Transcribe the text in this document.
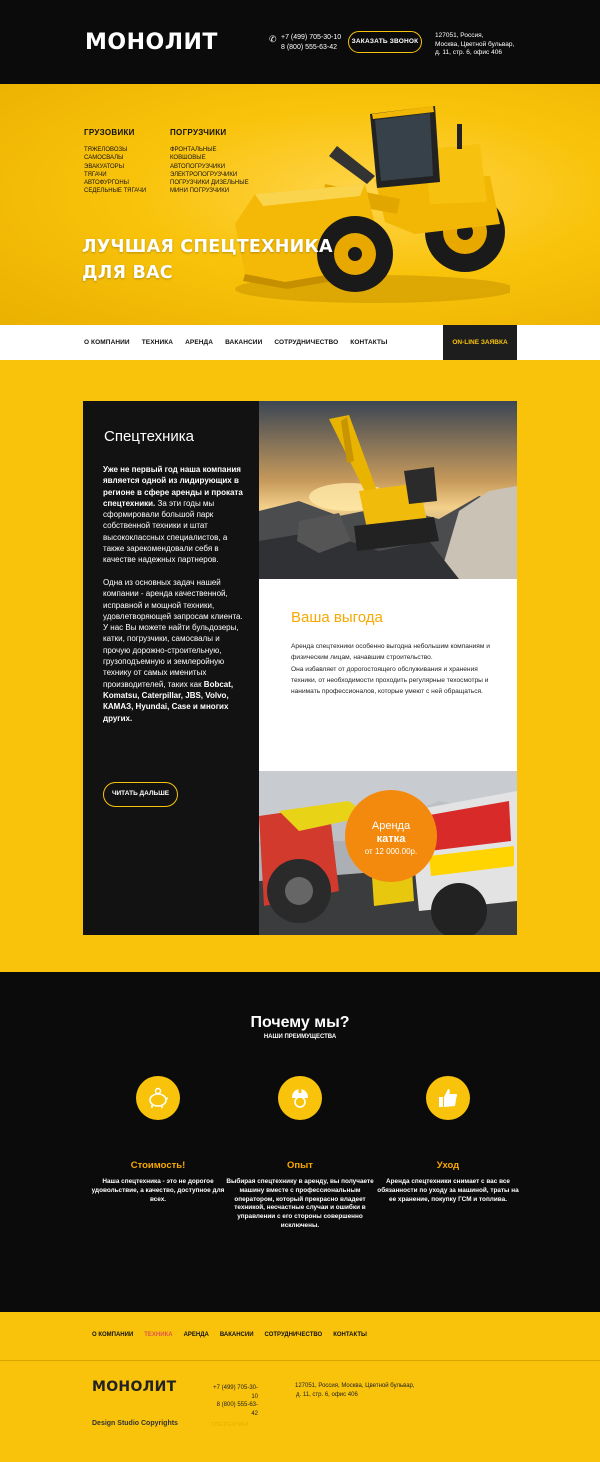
МОНОЛИТ	✆ +7 (499) 705-30-10
8 (800) 555-63-42
ЗАКАЗАТЬ ЗВОНОК
127051, Россия,
Москва, Цветной бульвар,
д. 11, стр. 6, офис 406
ГРУЗОВИКИ
ТЯЖЕЛОВОЗЫ
САМОСВАЛЫ
ЭВАКУАТОРЫ
ТЯГАЧИ
АВТОФУРГОНЫ
СЕДЕЛЬНЫЕ ТЯГАЧИ
ПОГРУЗЧИКИ
ФРОНТАЛЬНЫЕ
КОВШОВЫЕ
АВТОПОГРУЗЧИКИ
ЭЛЕКТРОПОГРУЗЧИКИ
ПОГРУЗЧИКИ ДИЗЕЛЬНЫЕ
МИНИ ПОГРУЗЧИКИ
ЛУЧШАЯ СПЕЦТЕХНИКА
ДЛЯ ВАС
О КОМПАНИИ ТЕХНИКА АРЕНДА ВАКАНСИИ СОТРУДНИЧЕСТВО КОНТАКТЫ	ON-LINE ЗАЯВКА
Спецтехника

Уже не первый год наша компания является одной из лидирующих в регионе в сфере аренды и проката спецтехники. За эти годы мы сформировали большой парк собственной техники и штат высококлассных специалистов, а также зарекомендовали себя в качестве надежных партнеров.

Одна из основных задач нашей компании - аренда качественной, исправной и мощной техники, удовлетворяющей запросам клиента. У нас Вы можете найти бульдозеры, катки, погрузчики, самосвалы и прочую дорожно-строительную, грузоподъемную и землеройную технику от самых именитых производителей, таких как Bobcat, Komatsu, Caterpillar, JBS, Volvo, КАМАЗ, Hyundai, Case и многих других.

ЧИТАТЬ ДАЛЬШЕ
Ваша выгода
Аренда спецтехники особенно выгодна небольшим компаниям и физическим лицам, начавшим строительство.
Она избавляет от дорогостоящего обслуживания и хранения техники, от необходимости проходить регулярные техосмотры и нанимать профессионалов, которые умеют с ней обращаться.
Аренда
катка
от 12 000.00р.
Почему мы?
НАШИ ПРЕИМУЩЕСТВА
Стоимость!
Наша спецтехника - это не дорогое удовольствие, а качество, доступное для всех.
Опыт
Выбирая спецтехнику в аренду, вы получаете машину вместе с профессиональным оператором, который прекрасно владеет техникой, несчастные случаи и ошибки в управлении с его стороны совершенно исключены.
Уход
Аренда спецтехники снимает с вас все обязанности по уходу за машиной, траты на ее хранение, покупку ГСМ и топлива.
О КОМПАНИИ ТЕХНИКА АРЕНДА ВАКАНСИИ СОТРУДНИЧЕСТВО КОНТАКТЫ
МОНОЛИТ	+7 (499) 705-30-10
8 (800) 555-63-42
127051, Россия, Москва, Цветной бульвар,
д. 11, стр. 6, офис 406
Design Studio Copyrights	СПЕЦТЕХНИКА
